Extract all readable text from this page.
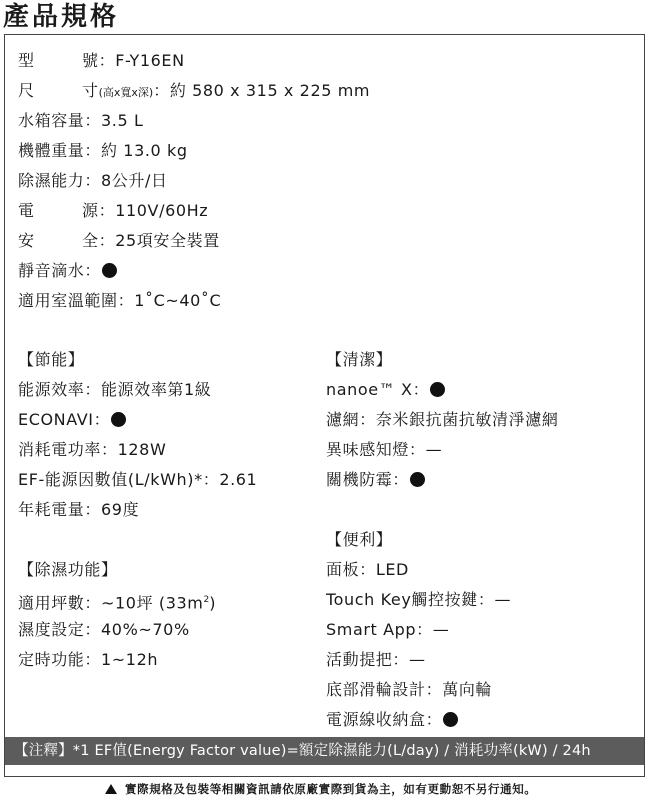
產品規格
型	號：F-Y16EN
尺	寸(高x寬x深)：約 580 x 315 x 225 mm
水箱容量：3.5 L
機體重量：約 13.0 kg
除濕能力：8公升/日
電	源：110V/60Hz
安	全：25項安全裝置
靜音滴水：
適用室溫範圍：1˚C~40˚C
【節能】
能源效率：能源效率第1級
ECONAVI：
消耗電功率：128W
EF-能源因數值(L/kWh)*：2.61
年耗電量：69度
【除濕功能】
適用坪數：~10坪 $(33m^2)$
濕度設定：40%~70%
定時功能：1~12h
【清潔】
nanoe™ X：
濾網：奈米銀抗菌抗敏清淨濾網
異味感知燈：—
關機防霉：
【便利】
面板：LED
Touch Key觸控按鍵：—
Smart App：—
活動提把：—
底部滑輪設計：萬向輪
電源線收納盒：
【注釋】*1 EF值(Energy Factor value)=額定除濕能力(L/day) / 消耗功率(kW) / 24h
實際規格及包裝等相關資訊請依原廠實際到貨為主，如有更動恕不另行通知。
